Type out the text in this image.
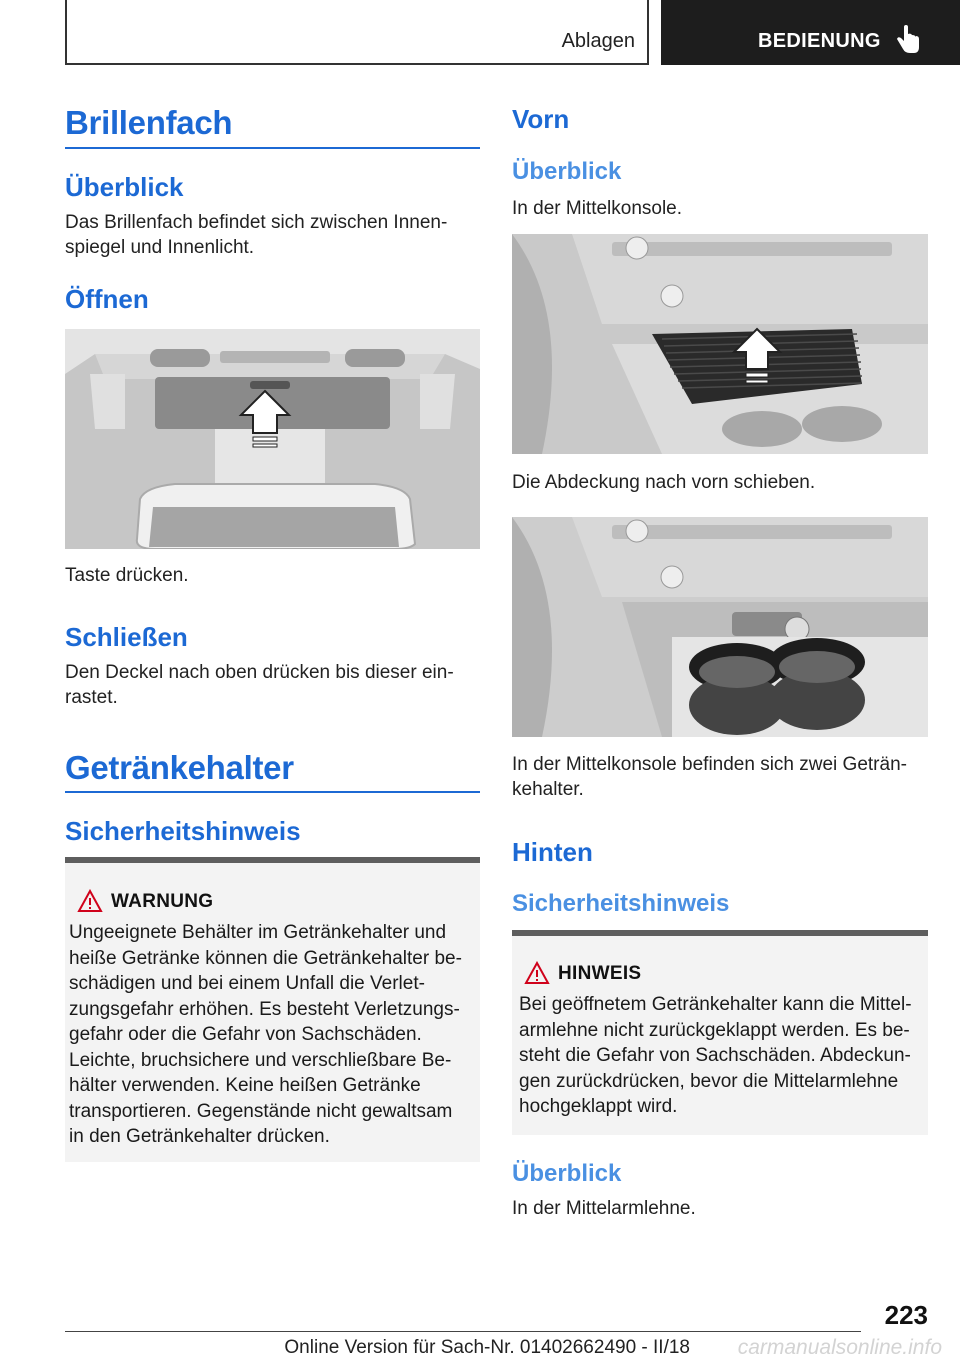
Ablagen	BEDIENUNG
Brillenfach
Überblick
Das Brillenfach befindet sich zwischen Innen-
spiegel und Innenlicht.
Öffnen
Taste drücken.
Schließen
Den Deckel nach oben drücken bis dieser ein-
rastet.
Getränkehalter
Sicherheitshinweis
WARNUNG
Ungeeignete Behälter im Getränkehalter und
heiße Getränke können die Getränkehalter be-
schädigen und bei einem Unfall die Verlet-
zungsgefahr erhöhen. Es besteht Verletzungs-
gefahr oder die Gefahr von Sachschäden.
Leichte, bruchsichere und verschließbare Be-
hälter verwenden. Keine heißen Getränke
transportieren. Gegenstände nicht gewaltsam
in den Getränkehalter drücken.
Vorn
Überblick
In der Mittelkonsole.
Die Abdeckung nach vorn schieben.
In der Mittelkonsole befinden sich zwei Geträn-
kehalter.
Hinten
Sicherheitshinweis
HINWEIS
Bei geöffnetem Getränkehalter kann die Mittel-
armlehne nicht zurückgeklappt werden. Es be-
steht die Gefahr von Sachschäden. Abdeckun-
gen zurückdrücken, bevor die Mittelarmlehne
hochgeklappt wird.
Überblick
In der Mittelarmlehne.
223
Online Version für Sach-Nr. 01402662490 - II/18 carmanualsonline.info
